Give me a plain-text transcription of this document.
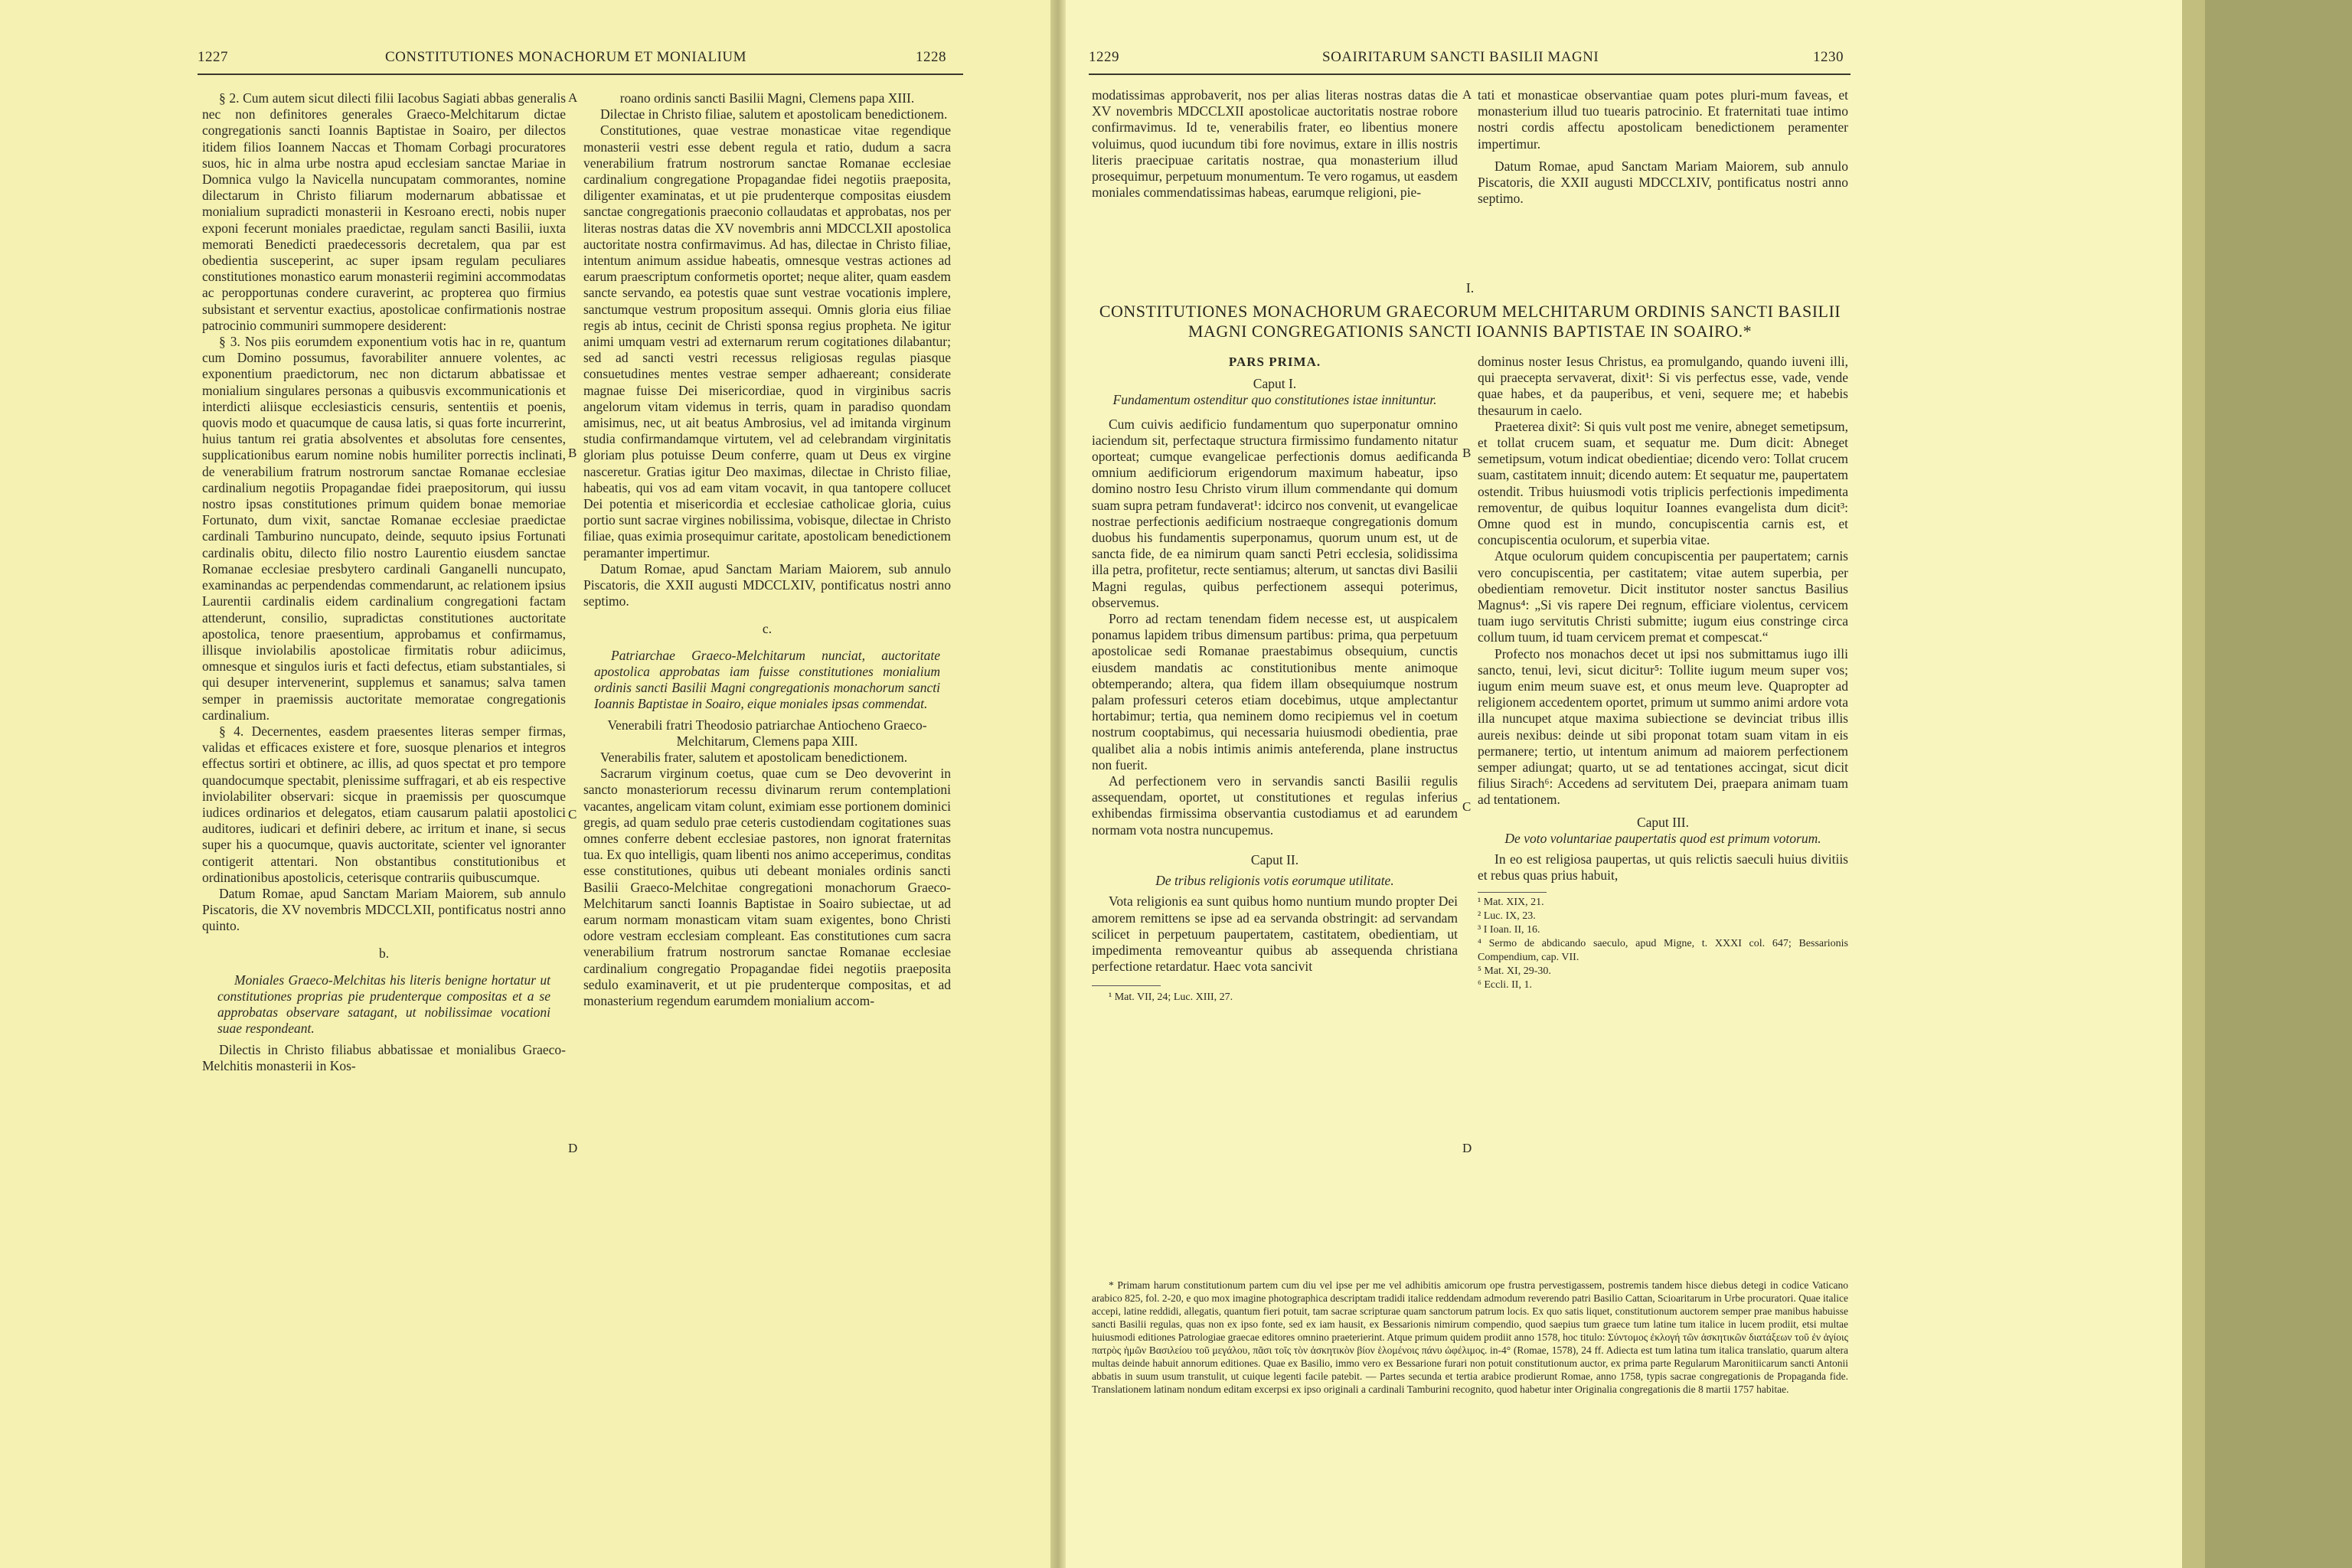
1227	CONSTITUTIONES MONACHORUM ET MONIALIUM	1228

§ 2. Cum autem sicut dilecti filii Iacobus Sagiati abbas generalis nec non definitores generales Graeco-Melchitarum dictae congregationis sancti Ioannis Baptistae in Soairo, per dilectos itidem filios Ioannem Naccas et Thomam Corbagi procuratores suos, hic in alma urbe nostra apud ecclesiam sanctae Mariae in Domnica vulgo la Navicella nuncupatam commorantes, nomine dilectarum in Christo filiarum modernarum abbatissae et monialium supradicti monasterii in Kesroano erecti, nobis nuper exponi fecerunt moniales praedictae, regulam sancti Basilii, iuxta memorati Benedicti praedecessoris decretalem, qua par est obedientia susceperint, ac super ipsam regulam peculiares constitutiones monastico earum monasterii regimini accommodatas ac peropportunas condere curaverint, ac propterea quo firmius subsistant et serventur exactius, apostolicae confirmationis nostrae patrocinio communiri summopere desiderent:

§ 3. Nos piis eorumdem exponentium votis hac in re, quantum cum Domino possumus, favorabiliter annuere volentes, ac exponentium praedictorum, nec non dictarum abbatissae et monialium singulares personas a quibusvis excommunicationis et interdicti aliisque ecclesiasticis censuris, sententiis et poenis, quovis modo et quacumque de causa latis, si quas forte incurrerint, huius tantum rei gratia absolventes et absolutas fore censentes, supplicationibus earum nomine nobis humiliter porrectis inclinati, de venerabilium fratrum nostrorum sanctae Romanae ecclesiae cardinalium negotiis Propagandae fidei praepositorum, qui iussu nostro ipsas constitutiones primum quidem bonae memoriae Fortunato, dum vixit, sanctae Romanae ecclesiae praedictae cardinali Tamburino nuncupato, deinde, sequuto ipsius Fortunati cardinalis obitu, dilecto filio nostro Laurentio eiusdem sanctae Romanae ecclesiae presbytero cardinali Ganganelli nuncupato, examinandas ac perpendendas commendarunt, ac relationem ipsius Laurentii cardinalis eidem cardinalium congregationi factam attenderunt, consilio, supradictas constitutiones auctoritate apostolica, tenore praesentium, approbamus et confirmamus, illisque inviolabilis apostolicae firmitatis robur adiicimus, omnesque et singulos iuris et facti defectus, etiam substantiales, si qui desuper intervenerint, supplemus et sanamus; salva tamen semper in praemissis auctoritate memoratae congregationis cardinalium.

§ 4. Decernentes, easdem praesentes literas semper firmas, validas et efficaces existere et fore, suosque plenarios et integros effectus sortiri et obtinere, ac illis, ad quos spectat et pro tempore quandocumque spectabit, plenissime suffragari, et ab eis respective inviolabiliter observari: sicque in praemissis per quoscumque iudices ordinarios et delegatos, etiam causarum palatii apostolici auditores, iudicari et definiri debere, ac irritum et inane, si secus super his a quocumque, quavis auctoritate, scienter vel ignoranter contigerit attentari. Non obstantibus constitutionibus et ordinationibus apostolicis, ceterisque contrariis quibuscumque.

Datum Romae, apud Sanctam Mariam Maiorem, sub annulo Piscatoris, die XV novembris MDCCLXII, pontificatus nostri anno quinto.

b.

Moniales Graeco-Melchitas his literis benigne hortatur ut constitutiones proprias pie prudenterque compositas et a se approbatas observare satagant, ut nobilissimae vocationi suae respondeant.

Dilectis in Christo filiabus abbatissae et monialibus Graeco-Melchitis monasterii in Kos-

A
B
C
D

roano ordinis sancti Basilii Magni, Clemens papa XIII.

Dilectae in Christo filiae, salutem et apostolicam benedictionem.

Constitutiones, quae vestrae monasticae vitae regendique monasterii vestri esse debent regula et ratio, dudum a sacra venerabilium fratrum nostrorum sanctae Romanae ecclesiae cardinalium congregatione Propagandae fidei negotiis praeposita, diligenter examinatas, et ut pie prudenterque compositas eiusdem sanctae congregationis praeconio collaudatas et approbatas, nos per literas nostras datas die XV novembris anni MDCCLXII apostolica auctoritate nostra confirmavimus. Ad has, dilectae in Christo filiae, intentum animum assidue habeatis, omnesque vestras actiones ad earum praescriptum conformetis oportet; neque aliter, quam easdem sancte servando, ea potestis quae sunt vestrae vocationis implere, sanctumque vestrum propositum assequi. Omnis gloria eius filiae regis ab intus, cecinit de Christi sponsa regius propheta. Ne igitur animi umquam vestri ad externarum rerum cogitationes dilabantur; sed ad sancti vestri recessus religiosas regulas piasque consuetudines mentes vestrae semper adhaereant; considerate magnae fuisse Dei misericordiae, quod in virginibus sacris angelorum vitam videmus in terris, quam in paradiso quondam amisimus, nec, ut ait beatus Ambrosius, vel ad imitanda virginum studia confirmandamque virtutem, vel ad celebrandam virginitatis gloriam plus potuisse Deum conferre, quam ut Deus ex virgine nasceretur. Gratias igitur Deo maximas, dilectae in Christo filiae, habeatis, qui vos ad eam vitam vocavit, in qua tantopere collucet Dei potentia et misericordia et ecclesiae catholicae gloria, cuius portio sunt sacrae virgines nobilissima, vobisque, dilectae in Christo filiae, quas eximia prosequimur caritate, apostolicam benedictionem peramanter impertimur.

Datum Romae, apud Sanctam Mariam Maiorem, sub annulo Piscatoris, die XXII augusti MDCCLXIV, pontificatus nostri anno septimo.

c.

Patriarchae Graeco-Melchitarum nunciat, auctoritate apostolica approbatas iam fuisse constitutiones monialium ordinis sancti Basilii Magni congregationis monachorum sancti Ioannis Baptistae in Soairo, eique moniales ipsas commendat.

Venerabili fratri Theodosio patriarchae Antiocheno Graeco-Melchitarum, Clemens papa XIII.

Venerabilis frater, salutem et apostolicam benedictionem.

Sacrarum virginum coetus, quae cum se Deo devoverint in sancto monasteriorum recessu divinarum rerum contemplationi vacantes, angelicam vitam colunt, eximiam esse portionem dominici gregis, ad quam sedulo prae ceteris custodiendam cogitationes suas omnes conferre debent ecclesiae pastores, non ignorat fraternitas tua. Ex quo intelligis, quam libenti nos animo acceperimus, conditas esse constitutiones, quibus uti debeant moniales ordinis sancti Basilii Graeco-Melchitae congregationi monachorum Graeco-Melchitarum sancti Ioannis Baptistae in Soairo subiectae, ut ad earum normam monasticam vitam suam exigentes, bono Christi odore vestram ecclesiam compleant. Eas constitutiones cum sacra venerabilium fratrum nostrorum sanctae Romanae ecclesiae cardinalium congregatio Propagandae fidei negotiis praeposita sedulo examinaverit, et ut pie prudenterque compositas, et ad monasterium regendum earumdem monialium accom-

1229	SOAIRITARUM SANCTI BASILII MAGNI	1230

modatissimas approbaverit, nos per alias literas nostras datas die XV novembris MDCCLXII apostolicae auctoritatis nostrae robore confirmavimus. Id te, venerabilis frater, eo libentius monere voluimus, quod iucundum tibi fore novimus, extare in illis nostris literis praecipuae caritatis nostrae, qua monasterium illud prosequimur, perpetuum monumentum. Te vero rogamus, ut easdem moniales commendatissimas habeas, earumque religioni, pie-

A tati et monasticae observantiae quam potes pluri-mum faveas, et monasterium illud tuo tuearis patrocinio. Et fraternitati tuae intimo nostri cordis affectu apostolicam benedictionem peramenter impertimur.

Datum Romae, apud Sanctam Mariam Maiorem, sub annulo Piscatoris, die XXII augusti MDCCLXIV, pontificatus nostri anno septimo.

I.
CONSTITUTIONES MONACHORUM GRAECORUM MELCHITARUM ORDINIS SANCTI BASILII MAGNI CONGREGATIONIS SANCTI IOANNIS BAPTISTAE IN SOAIRO.*

PARS PRIMA.

Caput I.

Fundamentum ostenditur quo constitutiones istae innituntur.

Cum cuivis aedificio fundamentum quo superponatur omnino iaciendum sit, perfectaque structura firmissimo fundamento nitatur oporteat; cumque evangelicae perfectionis domus aedificanda omnium aedificiorum erigendorum maximum habeatur, ipso domino nostro Iesu Christo virum illum commendante qui domum suam supra petram fundaverat¹: idcirco nos convenit, ut evangelicae nostrae perfectionis aedificium nostraeque congregationis domum duobus his fundamentis superponamus, quorum unum est, ut de sancta fide, de ea nimirum quam sancti Petri ecclesia, solidissima illa petra, profitetur, recte sentiamus; alterum, ut sanctas divi Basilii Magni regulas, quibus perfectionem assequi poterimus, observemus.

Porro ad rectam tenendam fidem necesse est, ut auspicalem ponamus lapidem tribus dimensum partibus: prima, qua perpetuum apostolicae sedi Romanae praestabimus obsequium, cunctis eiusdem mandatis ac constitutionibus mente animoque obtemperando; altera, qua fidem illam obsequiumque nostrum palam professuri ceteros etiam docebimus, utque amplectantur hortabimur; tertia, qua neminem domo recipiemus vel in coetum nostrum cooptabimus, qui necessaria huiusmodi obedientia, prae qualibet alia a nobis intimis animis anteferenda, plane instructus non fuerit.

Ad perfectionem vero in servandis sancti Basilii regulis assequendam, oportet, ut constitutiones et regulas inferius exhibendas firmissima observantia custodiamus et ad earundem normam vota nostra nuncupemus.

Caput II.

De tribus religionis votis eorumque utilitate.

Vota religionis ea sunt quibus homo nuntium mundo propter Dei amorem remittens se ipse ad ea servanda obstringit: ad servandam scilicet in perpetuum paupertatem, castitatem, obedientiam, ut impedimenta removeantur quibus ab assequenda christiana perfectione retardatur. Haec vota sancivit

¹ Mat. VII, 24; Luc. XIII, 27.

B
C
D

dominus noster Iesus Christus, ea promulgando, quando iuveni illi, qui praecepta servaverat, dixit¹: Si vis perfectus esse, vade, vende quae habes, et da pauperibus, et veni, sequere me; et habebis thesaurum in caelo.

Praeterea dixit²: Si quis vult post me venire, abneget semetipsum, et tollat crucem suam, et sequatur me. Dum dicit: Abneget semetipsum, votum indicat obedientiae; dicendo vero: Tollat crucem suam, castitatem innuit; dicendo autem: Et sequatur me, paupertatem ostendit. Tribus huiusmodi votis triplicis perfectionis impedimenta removentur, de quibus loquitur Ioannes evangelista dum dicit³: Omne quod est in mundo, concupiscentia carnis est, et concupiscentia oculorum, et superbia vitae.

Atque oculorum quidem concupiscentia per paupertatem; carnis vero concupiscentia, per castitatem; vitae autem superbia, per obedientiam removetur. Dicit institutor noster sanctus Basilius Magnus⁴: „Si vis rapere Dei regnum, efficiare violentus, cervicem tuam iugo servitutis Christi submitte; iugum eius constringe circa collum tuum, id tuam cervicem premat et compescat.“

Profecto nos monachos decet ut ipsi nos submittamus iugo illi sancto, tenui, levi, sicut dicitur⁵: Tollite iugum meum super vos; iugum enim meum suave est, et onus meum leve. Quapropter ad religionem accedentem oportet, primum ut summo animi ardore vota illa nuncupet atque maxima subiectione se devinciat tribus illis aureis nexibus: deinde ut sibi proponat totam suam vitam in eis permanere; tertio, ut intentum animum ad maiorem perfectionem semper adiungat; quarto, ut se ad tentationes accingat, sicut dicit filius Sirach⁶: Accedens ad servitutem Dei, praepara animam tuam ad tentationem.

Caput III.

De voto voluntariae paupertatis quod est primum votorum.

In eo est religiosa paupertas, ut quis relictis saeculi huius divitiis et rebus quas prius habuit,

¹ Mat. XIX, 21.

² Luc. IX, 23.

³ I Ioan. II, 16.

⁴ Sermo de abdicando saeculo, apud Migne, t. XXXI col. 647; Bessarionis Compendium, cap. VII.

⁵ Mat. XI, 29-30.

⁶ Eccli. II, 1.

* Primam harum constitutionum partem cum diu vel ipse per me vel adhibitis amicorum ope frustra pervestigassem, postremis tandem hisce diebus detegi in codice Vaticano arabico 825, fol. 2-20, e quo mox imagine photographica descriptam tradidi italice reddendam admodum reverendo patri Basilio Cattan, Scioaritarum in Urbe procuratori. Quae italice accepi, latine reddidi, allegatis, quantum fieri potuit, tam sacrae scripturae quam sanctorum patrum locis. Ex quo satis liquet, constitutionum auctorem semper prae manibus habuisse sancti Basilii regulas, quas non ex ipso fonte, sed ex iam hausit, ex Bessarionis nimirum compendio, quod saepius tum graece tum latine tum italice in lucem prodiit, etsi multae huiusmodi editiones Patrologiae graecae editores omnino praeterierint. Atque primum quidem prodiit anno 1578, hoc titulo: Σύντομος ἐκλογή τῶν ἀσκητικῶν διατάξεων τοῦ ἐν ἁγίοις πατρὸς ἡμῶν Βασιλείου τοῦ μεγάλου, πᾶσι τοῖς τὸν ἀσκητικὸν βίον ἑλομένοις πάνυ ὠφέλιμος. in-4° (Romae, 1578), 24 ff. Adiecta est tum latina tum italica translatio, quarum altera multas deinde habuit annorum editiones. Quae ex Basilio, immo vero ex Bessarione furari non potuit constitutionum auctor, ex prima parte Regularum Maronitiicarum sancti Antonii abbatis in suum usum transtulit, ut cuique legenti facile patebit. — Partes secunda et tertia arabice prodierunt Romae, anno 1758, typis sacrae congregationis de Propaganda fide. Translationem latinam nondum editam excerpsi ex ipso originali a cardinali Tamburini recognito, quod habetur inter Originalia congregationis die 8 martii 1757 habitae.
